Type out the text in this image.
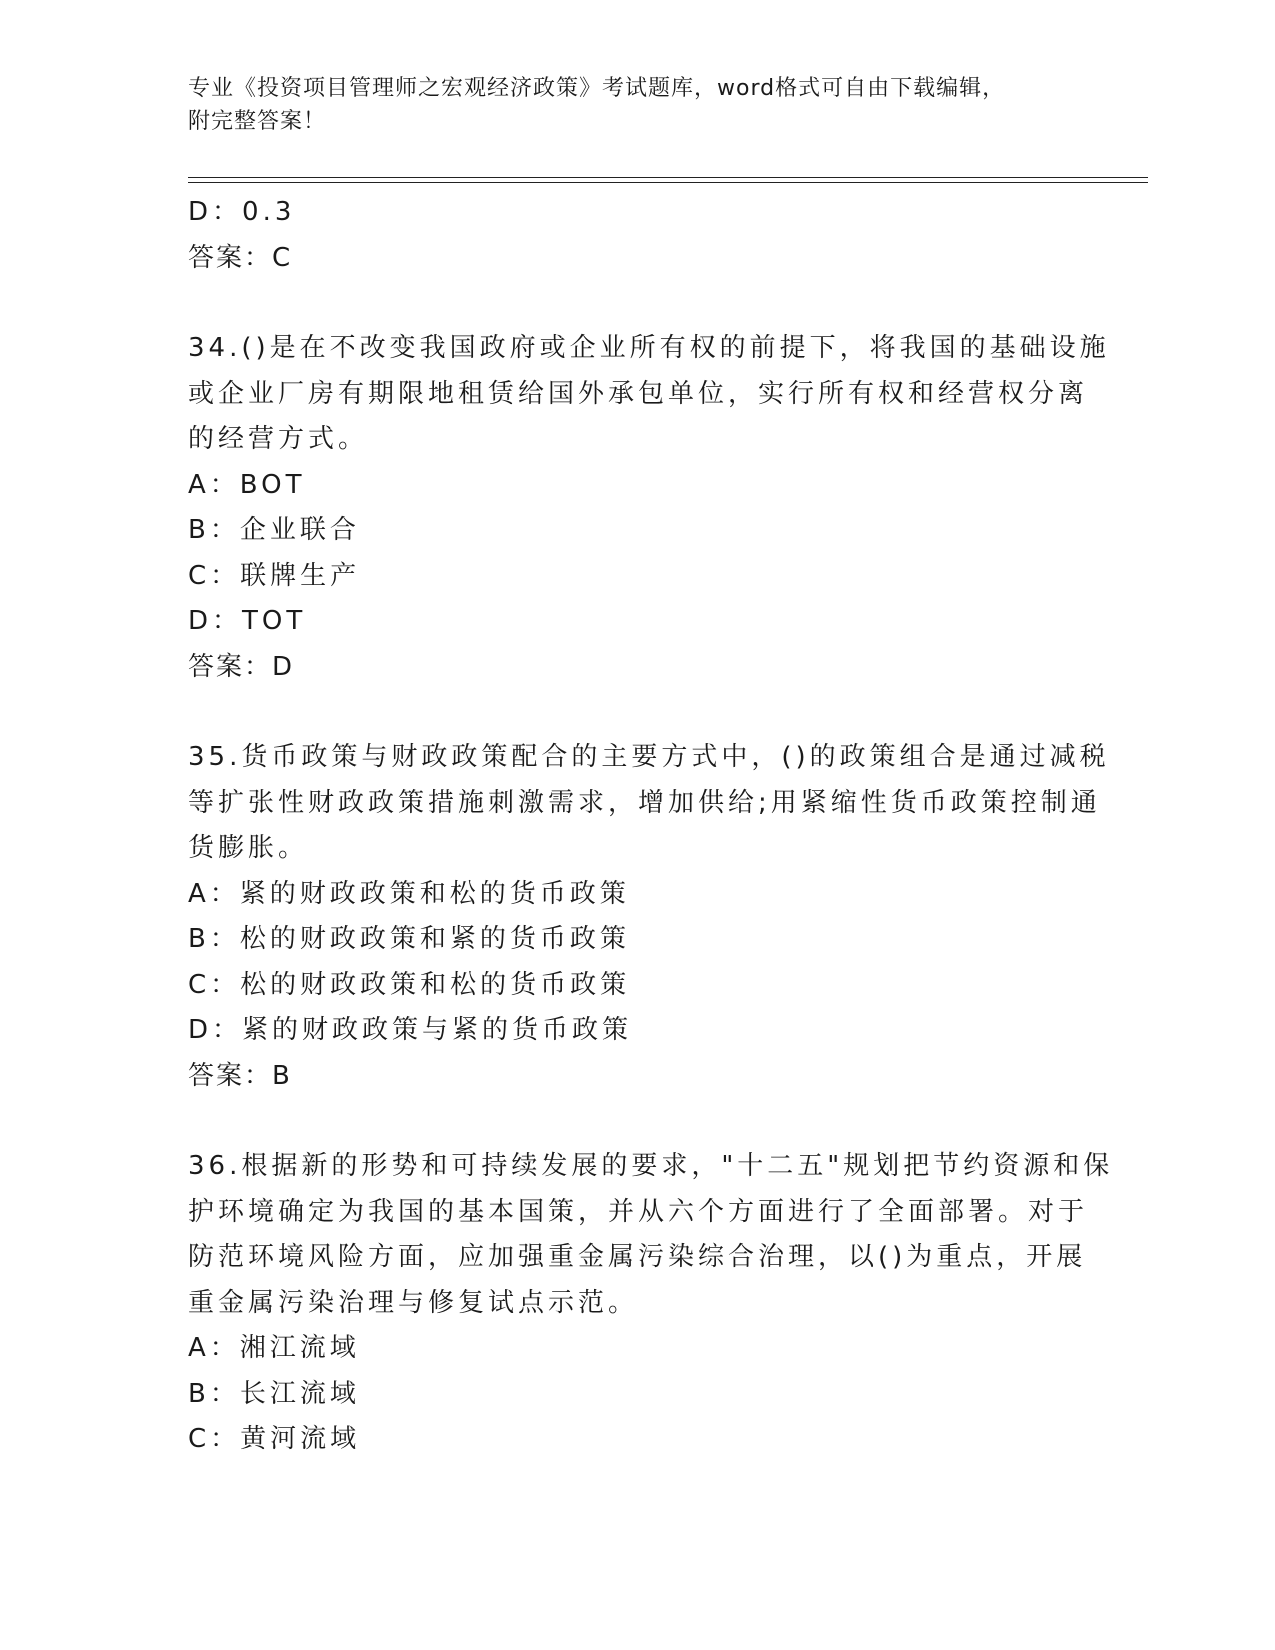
专业《投资项目管理师之宏观经济政策》考试题库，word格式可自由下载编辑，
附完整答案！
D：0.3
答案：C
34.()是在不改变我国政府或企业所有权的前提下，将我国的基础设施
或企业厂房有期限地租赁给国外承包单位，实行所有权和经营权分离
的经营方式。
A：BOT
B：企业联合
C：联牌生产
D：TOT
答案：D
35.货币政策与财政政策配合的主要方式中，()的政策组合是通过减税
等扩张性财政政策措施刺激需求，增加供给;用紧缩性货币政策控制通
货膨胀。
A：紧的财政政策和松的货币政策
B：松的财政政策和紧的货币政策
C：松的财政政策和松的货币政策
D：紧的财政政策与紧的货币政策
答案：B
36.根据新的形势和可持续发展的要求，"十二五"规划把节约资源和保
护环境确定为我国的基本国策，并从六个方面进行了全面部署。对于
防范环境风险方面，应加强重金属污染综合治理，以()为重点，开展
重金属污染治理与修复试点示范。
A：湘江流域
B：长江流域
C：黄河流域
